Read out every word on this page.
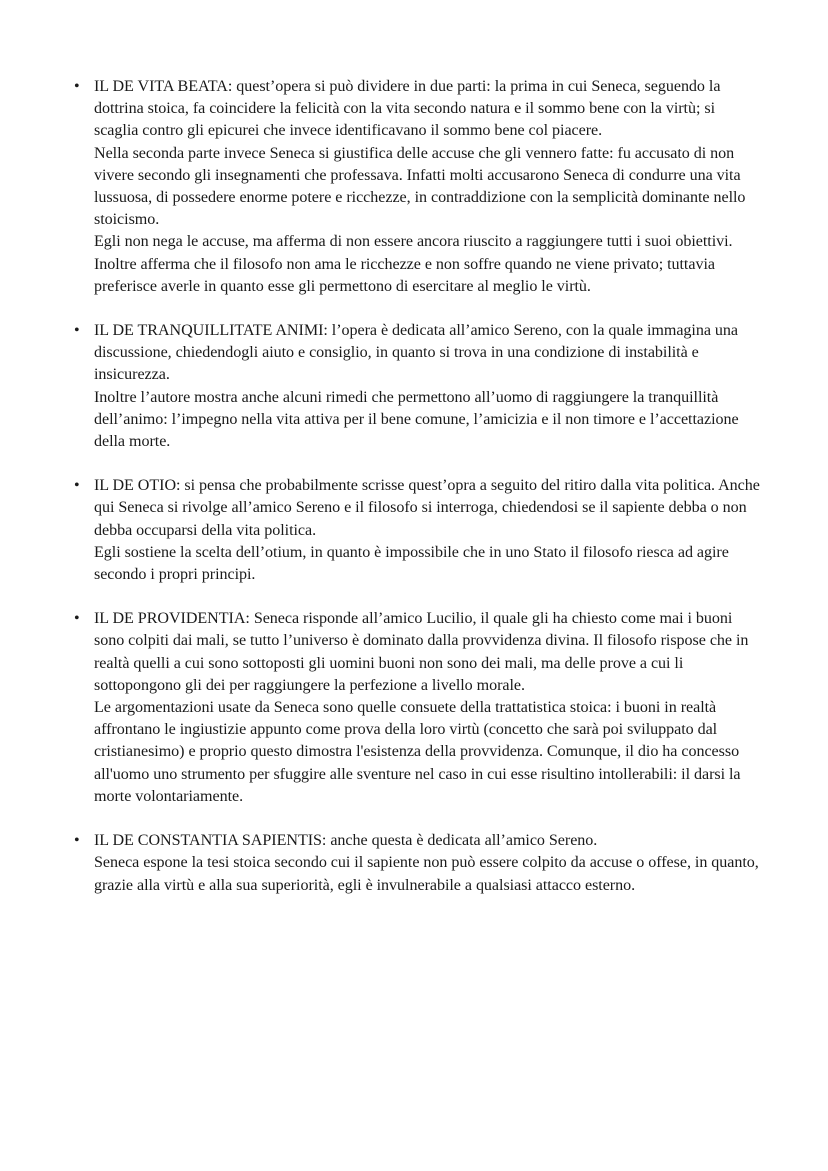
• IL DE VITA BEATA: quest’opera si può dividere in due parti: la prima in cui Seneca, seguendo la dottrina stoica, fa coincidere la felicità con la vita secondo natura e il sommo bene con la virtù; si scaglia contro gli epicurei che invece identificavano il sommo bene col piacere.

Nella seconda parte invece Seneca si giustifica delle accuse che gli vennero fatte: fu accusato di non vivere secondo gli insegnamenti che professava. Infatti molti accusarono Seneca di condurre una vita lussuosa, di possedere enorme potere e ricchezze, in contraddizione con la semplicità dominante nello stoicismo.

Egli non nega le accuse, ma afferma di non essere ancora riuscito a raggiungere tutti i suoi obiettivi. Inoltre afferma che il filosofo non ama le ricchezze e non soffre quando ne viene privato; tuttavia preferisce averle in quanto esse gli permettono di esercitare al meglio le virtù.

• IL DE TRANQUILLITATE ANIMI: l’opera è dedicata all’amico Sereno, con la quale immagina una discussione, chiedendogli aiuto e consiglio, in quanto si trova in una condizione di instabilità e insicurezza.

Inoltre l’autore mostra anche alcuni rimedi che permettono all’uomo di raggiungere la tranquillità dell’animo: l’impegno nella vita attiva per il bene comune, l’amicizia e il non timore e l’accettazione della morte.

• IL DE OTIO: si pensa che probabilmente scrisse quest’opra a seguito del ritiro dalla vita politica. Anche qui Seneca si rivolge all’amico Sereno e il filosofo si interroga, chiedendosi se il sapiente debba o non debba occuparsi della vita politica.

Egli sostiene la scelta dell’otium, in quanto è impossibile che in uno Stato il filosofo riesca ad agire secondo i propri principi.

• IL DE PROVIDENTIA: Seneca risponde all’amico Lucilio, il quale gli ha chiesto come mai i buoni sono colpiti dai mali, se tutto l’universo è dominato dalla provvidenza divina. Il filosofo rispose che in realtà quelli a cui sono sottoposti gli uomini buoni non sono dei mali, ma delle prove a cui li sottopongono gli dei per raggiungere la perfezione a livello morale.

Le argomentazioni usate da Seneca sono quelle consuete della trattatistica stoica: i buoni in realtà affrontano le ingiustizie appunto come prova della loro virtù (concetto che sarà poi sviluppato dal cristianesimo) e proprio questo dimostra l'esistenza della provvidenza. Comunque, il dio ha concesso all'uomo uno strumento per sfuggire alle sventure nel caso in cui esse risultino intollerabili: il darsi la morte volontariamente.

• IL DE CONSTANTIA SAPIENTIS: anche questa è dedicata all’amico Sereno.

Seneca espone la tesi stoica secondo cui il sapiente non può essere colpito da accuse o offese, in quanto, grazie alla virtù e alla sua superiorità, egli è invulnerabile a qualsiasi attacco esterno.
